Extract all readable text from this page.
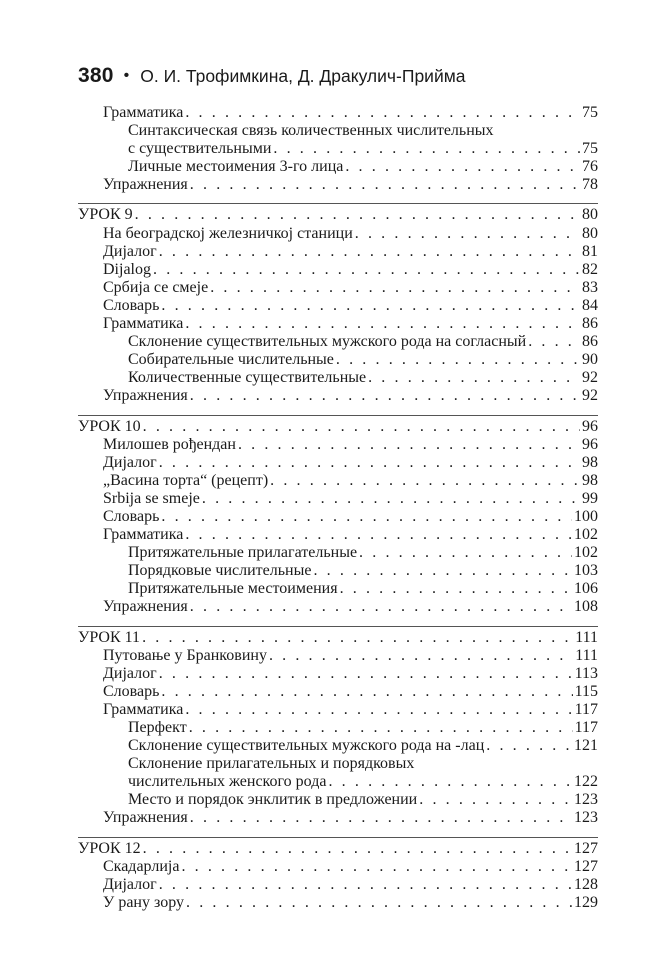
380 • О. И. Трофимкина, Д. Дракулич-Прийма
Грамматика . . .	75
Синтаксическая связь количественных числительных
с существительными . . .	75
Личные местоимения 3-го лица . . .	76
Упражнения . . .	78
УРОК 9 . . .	80
На београдској железничкој станици . . .	80
Дијалог . . .	81
Dijalog . . .	82
Србија се смеје . . .	83
Словарь . . .	84
Грамматика . . .	86
Склонение существительных мужского рода на согласный . . .	86
Собирательные числительные . . .	90
Количественные существительные . . .	92
Упражнения . . .	92
УРОК 10 . . .	96
Милошев рођендан . . .	96
Дијалог . . .	98
„Васина торта“ (рецепт) . . .	98
Srbija se smeje . . .	99
Словарь . . .	100
Грамматика . . .	102
Притяжательные прилагательные . . .	102
Порядковые числительные . . .	103
Притяжательные местоимения . . .	106
Упражнения . . .	108
УРОК 11 . . .	111
Путовање у Бранковину . . .	111
Дијалог . . .	113
Словарь . . .	115
Грамматика . . .	117
Перфект . . .	117
Склонение существительных мужского рода на -лац . . .	121
Склонение прилагательных и порядковых
числительных женского рода . . .	122
Место и порядок энклитик в предложении . . .	123
Упражнения . . .	123
УРОК 12 . . .	127
Скадарлија . . .	127
Дијалог . . .	128
У рану зору . . .	129
